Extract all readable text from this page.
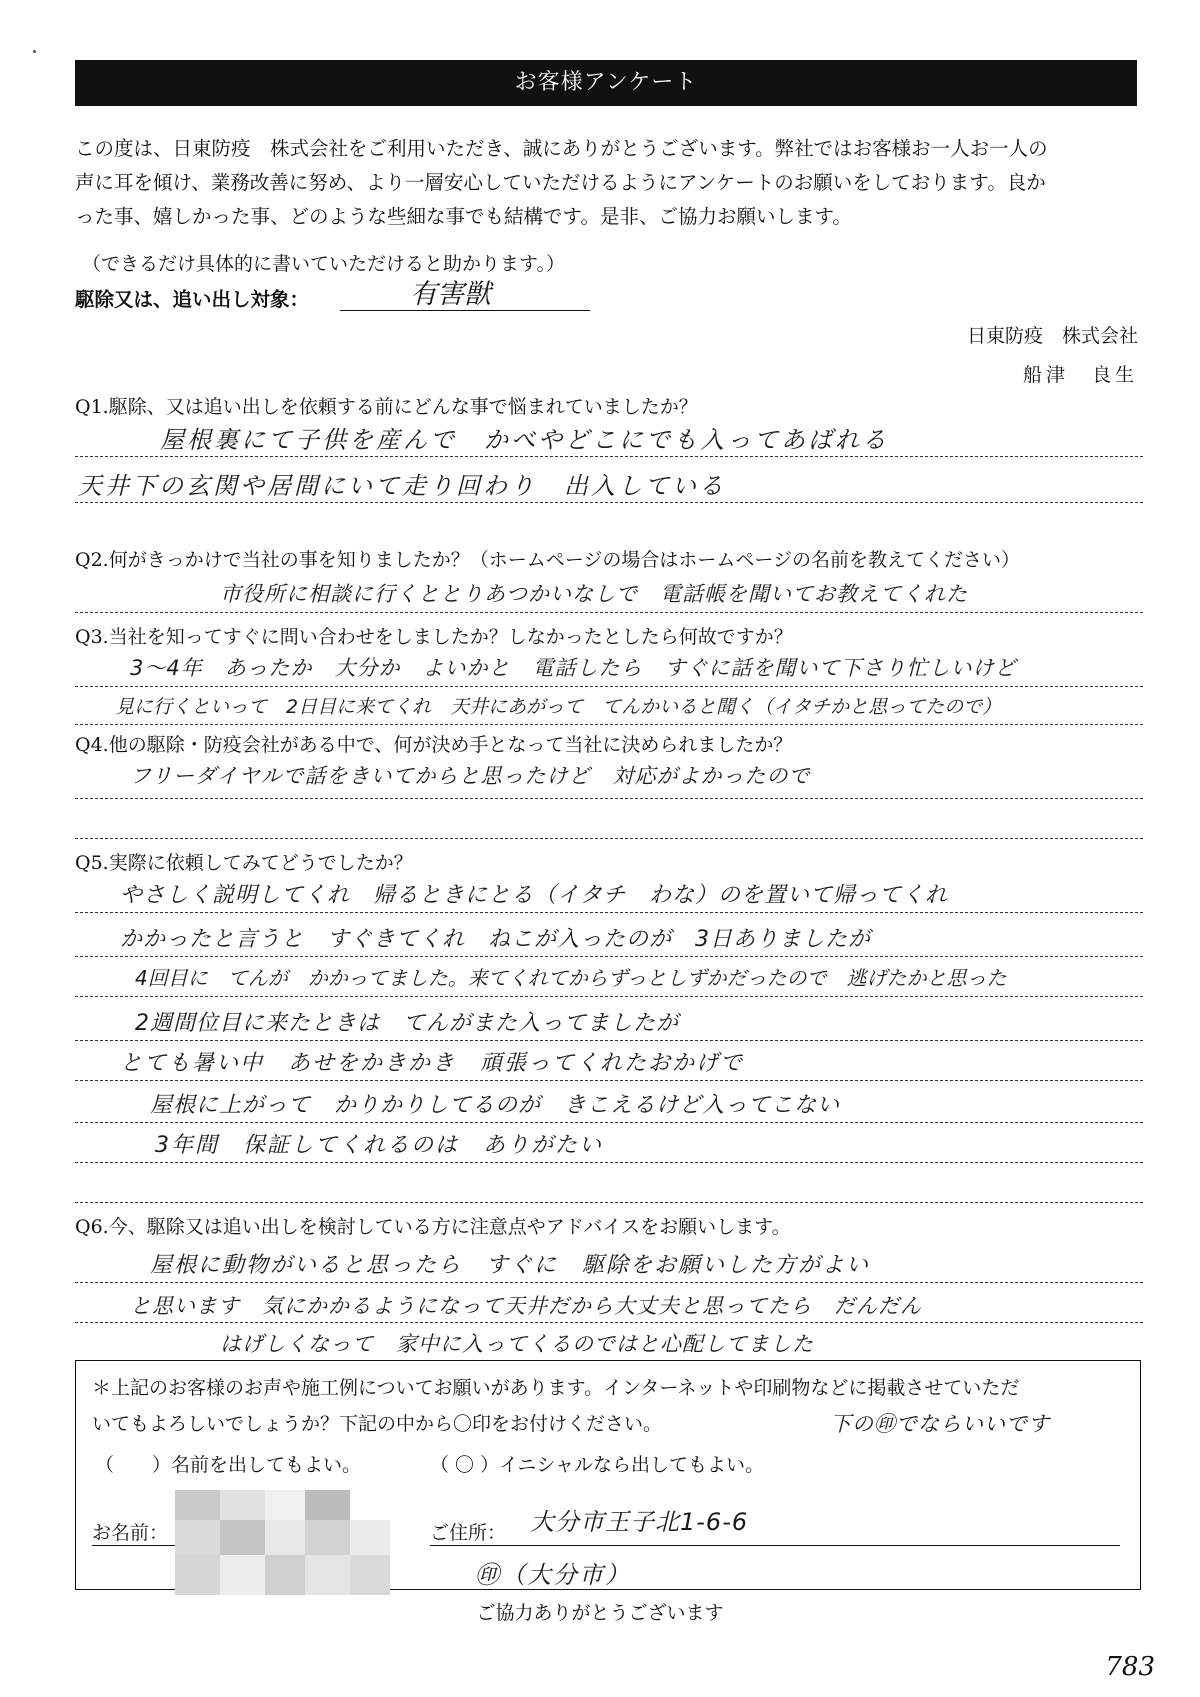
お客様アンケート

この度は、日東防疫　株式会社をご利用いただき、誠にありがとうございます。弊社ではお客様お一人お一人の

声に耳を傾け、業務改善に努め、より一層安心していただけるようにアンケートのお願いをしております。良か

った事、嬉しかった事、どのような些細な事でも結構です。是非、ご協力お願いします。

（できるだけ具体的に書いていただけると助かります。）
駆除又は、追い出し対象：	有害獣
日東防疫　株式会社
船津　良生
Q1.駆除、又は追い出しを依頼する前にどんな事で悩まれていましたか？
屋根裏にて子供を産んで　かべやどこにでも入ってあばれる
天井下の玄関や居間にいて走り回わり　出入している
Q2.何がきっかけで当社の事を知りましたか？（ホームページの場合はホームページの名前を教えてください）
市役所に相談に行くととりあつかいなしで　電話帳を聞いてお教えてくれた
Q3.当社を知ってすぐに問い合わせをしましたか？しなかったとしたら何故ですか？
3〜4年　あったか　大分か　よいかと　電話したら　すぐに話を聞いて下さり忙しいけど
見に行くといって　2日目に来てくれ　天井にあがって　てんかいると聞く（イタチかと思ってたので）
Q4.他の駆除・防疫会社がある中で、何が決め手となって当社に決められましたか？
フリーダイヤルで話をきいてからと思ったけど　対応がよかったので
Q5.実際に依頼してみてどうでしたか？
やさしく説明してくれ　帰るときにとる（イタチ　わな）のを置いて帰ってくれ
かかったと言うと　すぐきてくれ　ねこが入ったのが　3日ありましたが
4回目に　てんが　かかってました。来てくれてからずっとしずかだったので　逃げたかと思った
2週間位目に来たときは　てんがまた入ってましたが
とても暑い中　あせをかきかき　頑張ってくれたおかげで
屋根に上がって　かりかりしてるのが　きこえるけど入ってこない
3年間　保証してくれるのは　ありがたい
Q6.今、駆除又は追い出しを検討している方に注意点やアドバイスをお願いします。
屋根に動物がいると思ったら　すぐに　駆除をお願いした方がよい
と思います　気にかかるようになって天井だから大丈夫と思ってたら　だんだん
はげしくなって　家中に入ってくるのではと心配してました

＊上記のお客様のお声や施工例についてお願いがあります。インターネットや印刷物などに掲載させていただ

いてもよろしいでしょうか？下記の中から〇印をお付けください。	下の㊞でならいいです
（　　）名前を出してもよい。	（ 〇 ）イニシャルなら出してもよい。
お名前：	ご住所： 大分市王子北1-6-6
㊞（大分市）
ご協力ありがとうございます
783
